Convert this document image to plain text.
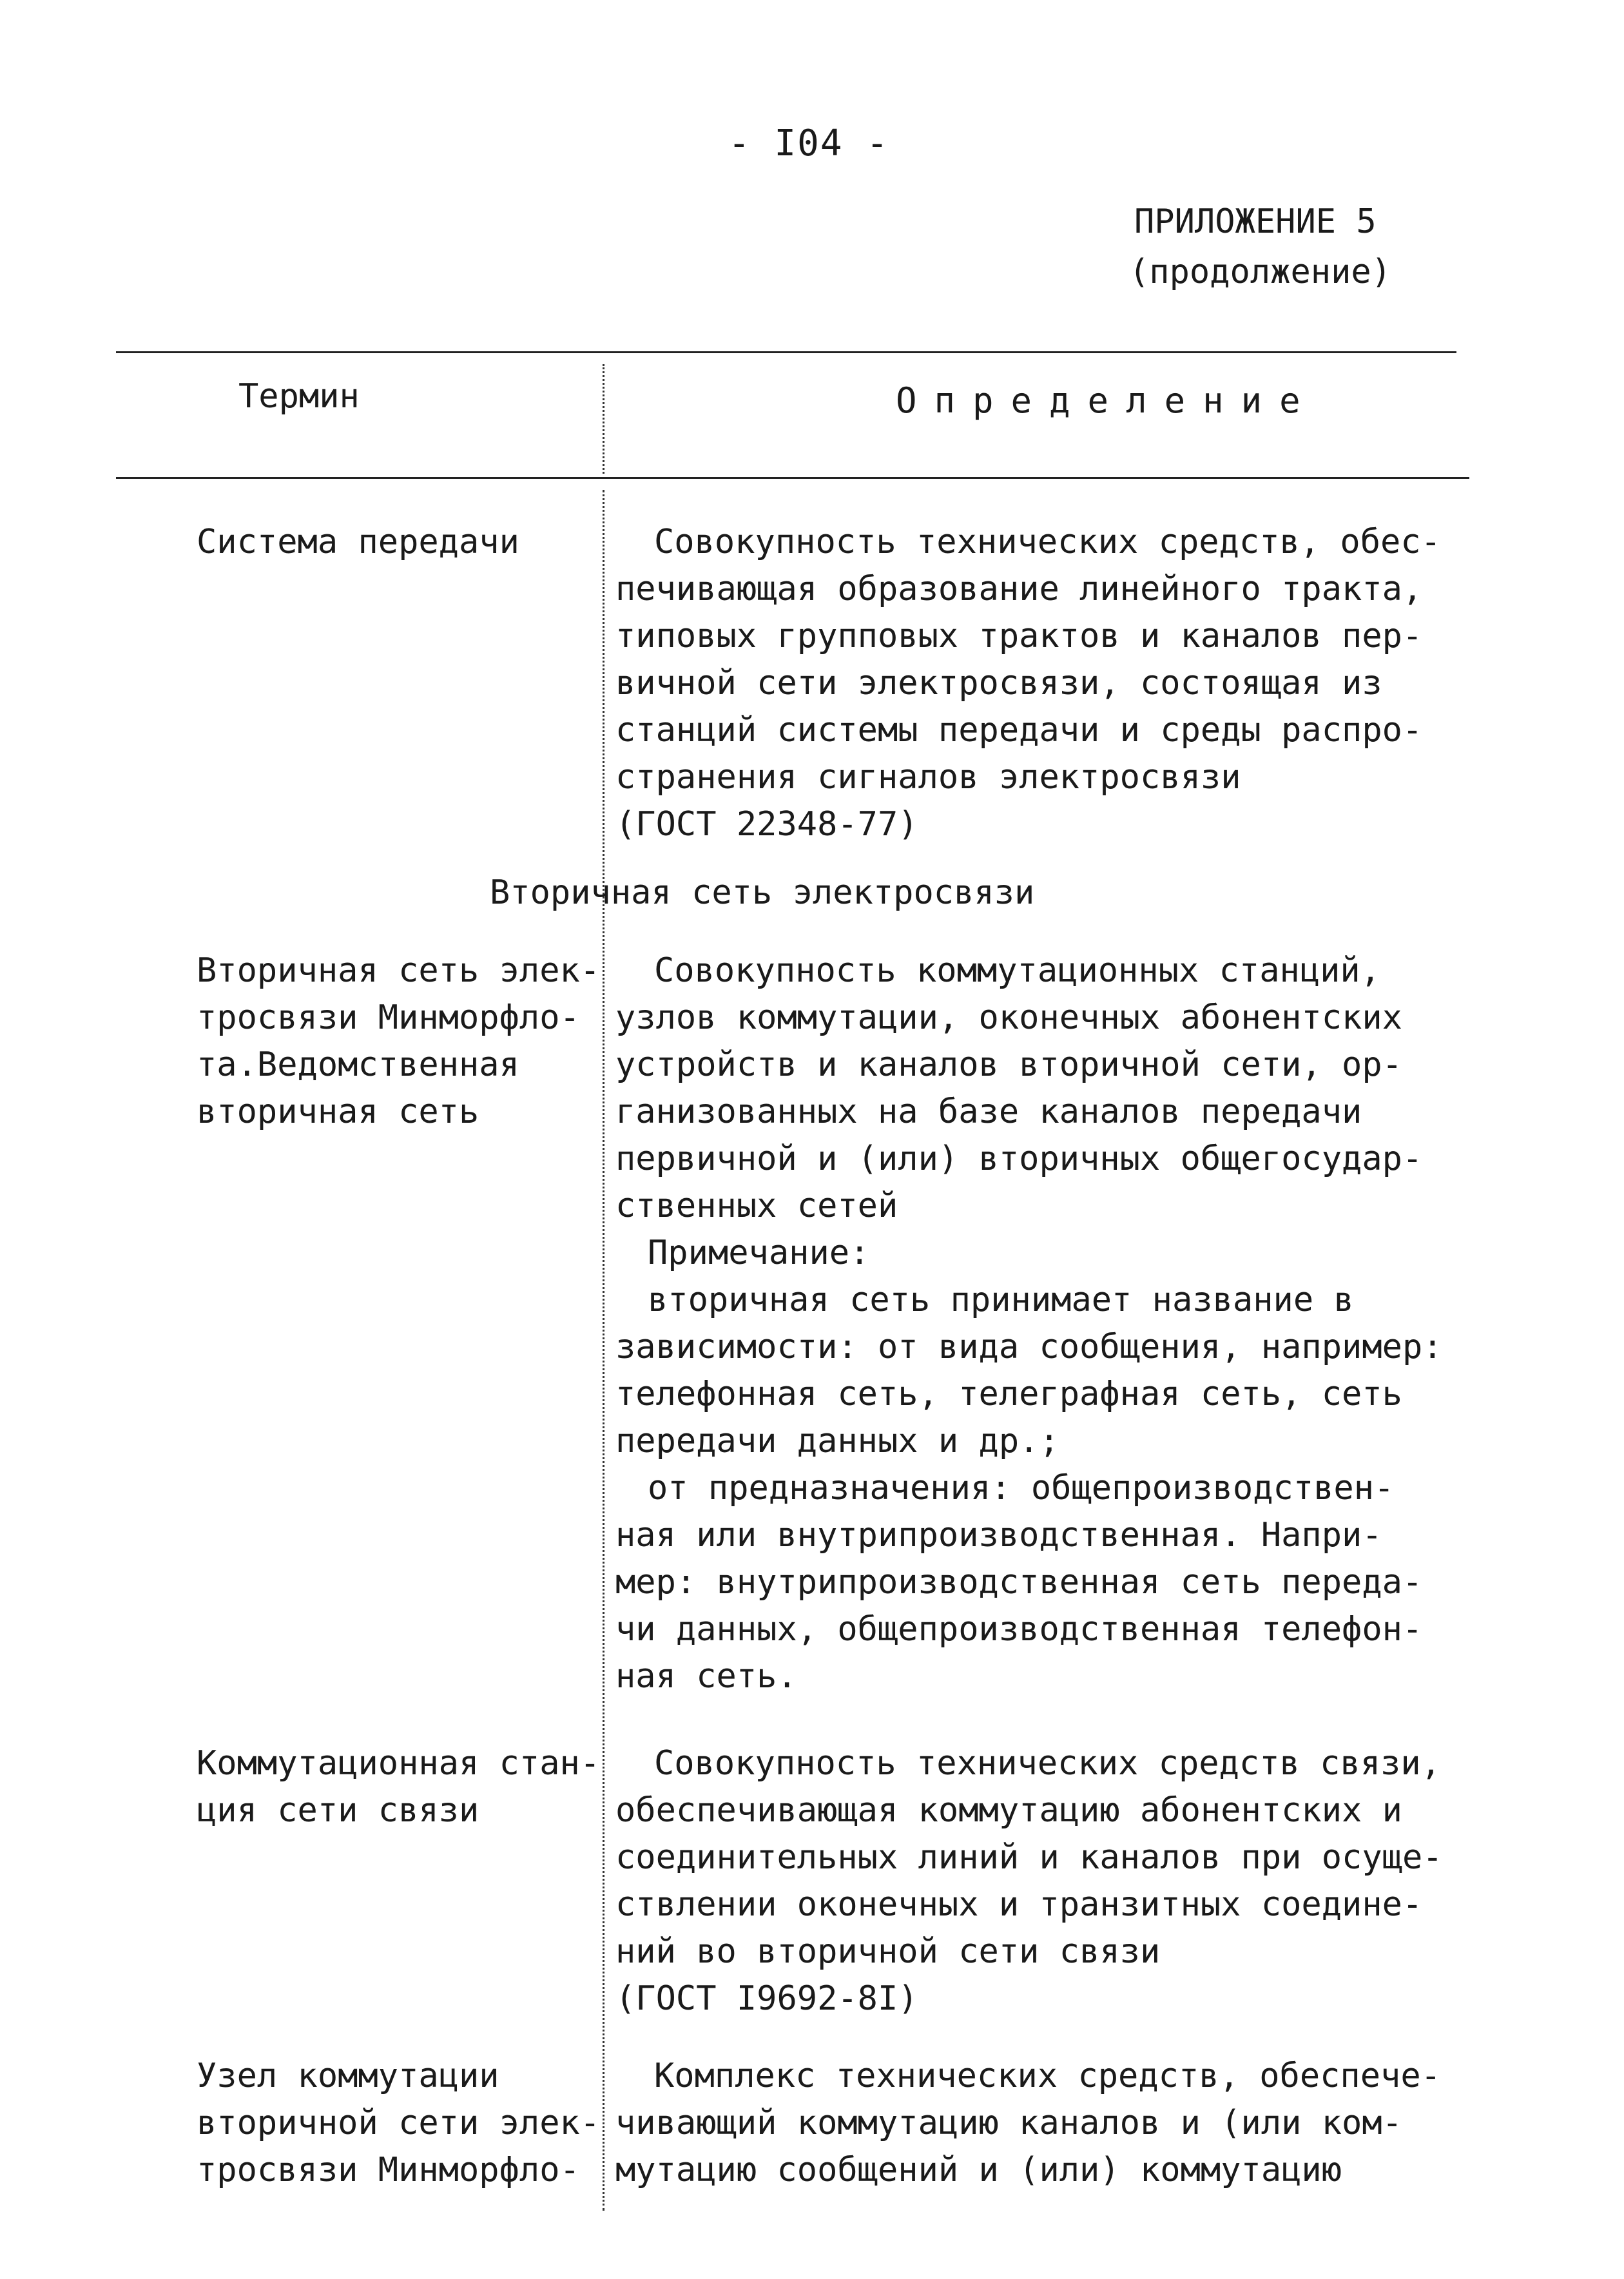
- I04 -
ПРИЛОЖЕНИЕ 5
(продолжение)
Термин	Определение
Система передачи	Совокупность технических средств, обес-
печивающая образование линейного тракта,
типовых групповых трактов и каналов пер-
вичной сети электросвязи, состоящая из
станций системы передачи и среды распро-
странения сигналов электросвязи
(ГОСТ 22348-77)
Вторичная сеть электросвязи
Вторичная сеть элек-
тросвязи Минморфло-
та.Ведомственная
вторичная сеть
Совокупность коммутационных станций,
узлов коммутации, оконечных абонентских
устройств и каналов вторичной сети, ор-
ганизованных на базе каналов передачи
первичной и (или) вторичных общегосудар-
ственных сетей
Примечание:
вторичная сеть принимает название в
зависимости: от вида сообщения, например:
телефонная сеть, телеграфная сеть, сеть
передачи данных и др.;
от предназначения: общепроизводствен-
ная или внутрипроизводственная. Напри-
мер: внутрипроизводственная сеть переда-
чи данных, общепроизводственная телефон-
ная сеть.
Коммутационная стан-
ция сети связи
Совокупность технических средств связи,
обеспечивающая коммутацию абонентских и
соединительных линий и каналов при осуще-
ствлении оконечных и транзитных соедине-
ний во вторичной сети связи
(ГОСТ I9692-8I)
Узел коммутации
вторичной сети элек-
тросвязи Минморфло-
Комплекс технических средств, обеспече-
чивающий коммутацию каналов и (или ком-
мутацию сообщений и (или) коммутацию
